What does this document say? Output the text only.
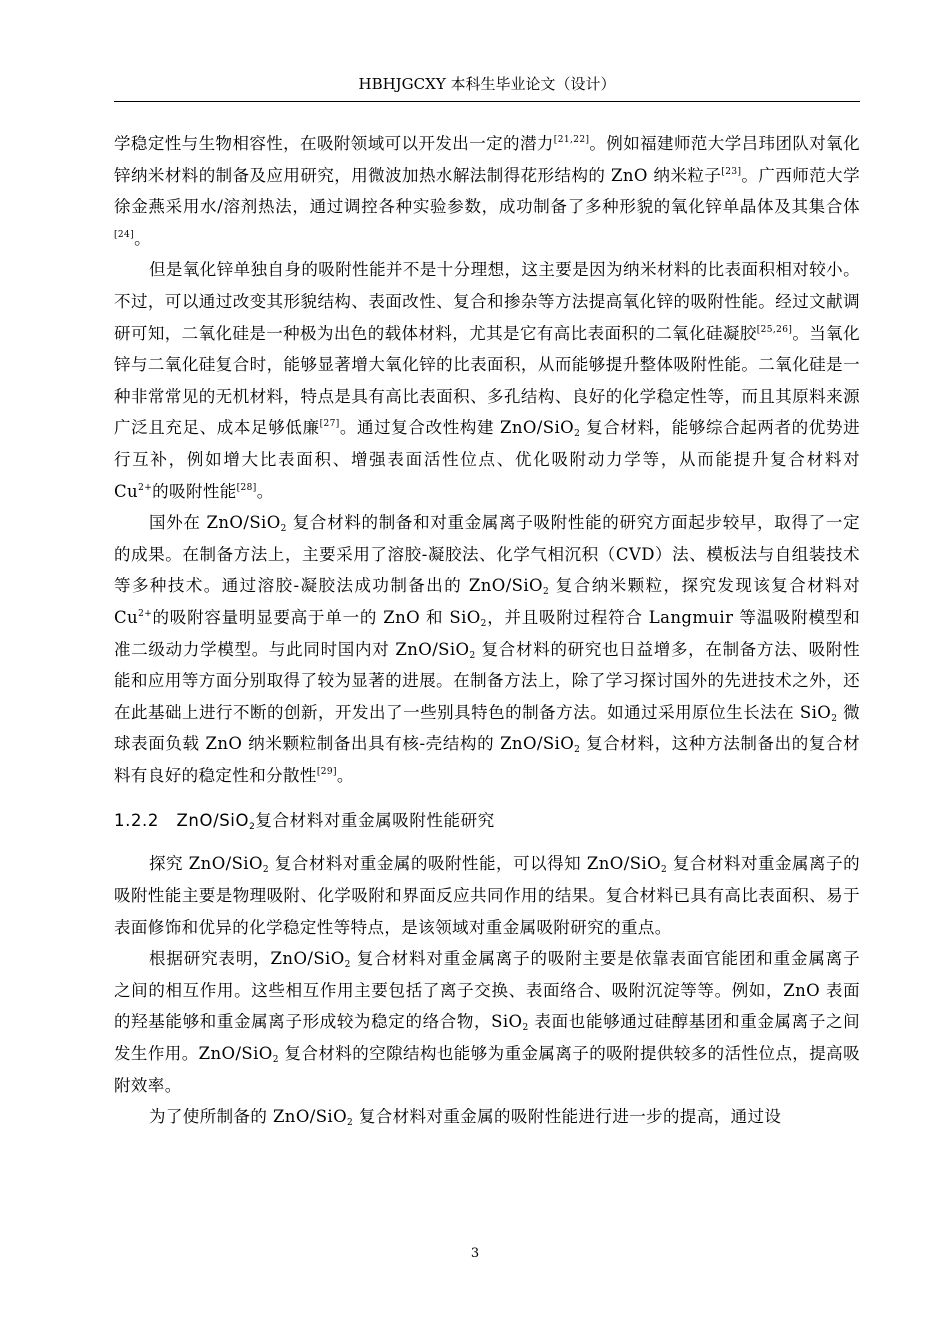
HBHJGCXY 本科生毕业论文（设计）

学稳定性与生物相容性，在吸附领域可以开发出一定的潜力[21,22]。例如福建师范大学吕玮团队对氧化锌纳米材料的制备及应用研究，用微波加热水解法制得花形结构的 ZnO 纳米粒子[23]。广西师范大学徐金燕采用水/溶剂热法，通过调控各种实验参数，成功制备了多种形貌的氧化锌单晶体及其集合体[24]。

但是氧化锌单独自身的吸附性能并不是十分理想，这主要是因为纳米材料的比表面积相对较小。不过，可以通过改变其形貌结构、表面改性、复合和掺杂等方法提高氧化锌的吸附性能。经过文献调研可知，二氧化硅是一种极为出色的载体材料，尤其是它有高比表面积的二氧化硅凝胶[25,26]。当氧化锌与二氧化硅复合时，能够显著增大氧化锌的比表面积，从而能够提升整体吸附性能。二氧化硅是一种非常常见的无机材料，特点是具有高比表面积、多孔结构、良好的化学稳定性等，而且其原料来源广泛且充足、成本足够低廉[27]。通过复合改性构建 ZnO/SiO$_2$ 复合材料，能够综合起两者的优势进行互补，例如增大比表面积、增强表面活性位点、优化吸附动力学等，从而能提升复合材料对 $Cu^{2+}$的吸附性能[28]。

国外在 ZnO/SiO$_2$ 复合材料的制备和对重金属离子吸附性能的研究方面起步较早，取得了一定的成果。在制备方法上，主要采用了溶胶-凝胶法、化学气相沉积（CVD）法、模板法与自组装技术等多种技术。通过溶胶-凝胶法成功制备出的 ZnO/SiO$_2$ 复合纳米颗粒，探究发现该复合材料对 $Cu^{2+}$的吸附容量明显要高于单一的 ZnO 和 SiO$_2$，并且吸附过程符合 Langmuir 等温吸附模型和准二级动力学模型。与此同时国内对 ZnO/SiO$_2$ 复合材料的研究也日益增多，在制备方法、吸附性能和应用等方面分别取得了较为显著的进展。在制备方法上，除了学习探讨国外的先进技术之外，还在此基础上进行不断的创新，开发出了一些别具特色的制备方法。如通过采用原位生长法在 SiO$_2$ 微球表面负载 ZnO 纳米颗粒制备出具有核-壳结构的 ZnO/SiO$_2$ 复合材料，这种方法制备出的复合材料有良好的稳定性和分散性[29]。

1.2.2 ZnO/SiO$_2$复合材料对重金属吸附性能研究

探究 ZnO/SiO$_2$ 复合材料对重金属的吸附性能，可以得知 ZnO/SiO$_2$ 复合材料对重金属离子的吸附性能主要是物理吸附、化学吸附和界面反应共同作用的结果。复合材料已具有高比表面积、易于表面修饰和优异的化学稳定性等特点，是该领域对重金属吸附研究的重点。

根据研究表明，ZnO/SiO$_2$ 复合材料对重金属离子的吸附主要是依靠表面官能团和重金属离子之间的相互作用。这些相互作用主要包括了离子交换、表面络合、吸附沉淀等等。例如，ZnO 表面的羟基能够和重金属离子形成较为稳定的络合物，SiO$_2$ 表面也能够通过硅醇基团和重金属离子之间发生作用。ZnO/SiO$_2$ 复合材料的空隙结构也能够为重金属离子的吸附提供较多的活性位点，提高吸附效率。

为了使所制备的 ZnO/SiO$_2$ 复合材料对重金属的吸附性能进行进一步的提高，通过设

3
